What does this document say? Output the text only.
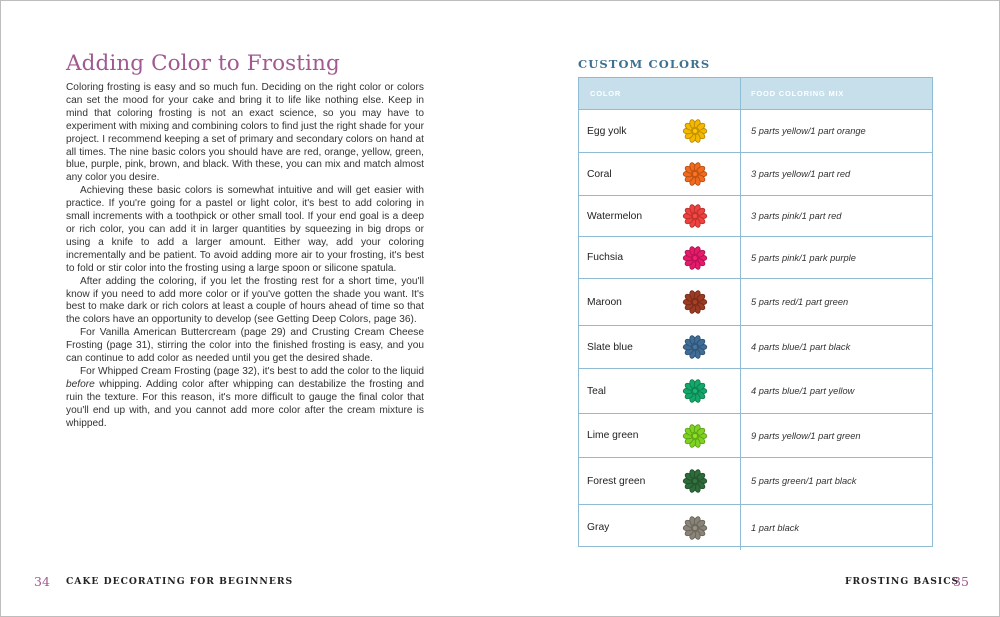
Adding Color to Frosting

Coloring frosting is easy and so much fun. Deciding on the right color or colors can set the mood for your cake and bring it to life like nothing else. Keep in mind that coloring frosting is not an exact science, so you may have to experiment with mixing and combining colors to find just the right shade for your project. I recommend keeping a set of primary and secondary colors on hand at all times. The nine basic colors you should have are red, orange, yellow, green, blue, purple, pink, brown, and black. With these, you can mix and match almost any color you desire.

Achieving these basic colors is somewhat intuitive and will get easier with practice. If you're going for a pastel or light color, it's best to add coloring in small increments with a toothpick or other small tool. If your end goal is a deep or rich color, you can add it in larger quantities by squeezing in big drops or using a knife to add a larger amount. Either way, add your coloring incrementally and be patient. To avoid adding more air to your frosting, it's best to fold or stir color into the frosting using a large spoon or silicone spatula.

After adding the coloring, if you let the frosting rest for a short time, you'll know if you need to add more color or if you've gotten the shade you want. It's best to make dark or rich colors at least a couple of hours ahead of time so that the colors have an opportunity to develop (see Getting Deep Colors, page 36).

For Vanilla American Buttercream (page 29) and Crusting Cream Cheese Frosting (page 31), stirring the color into the finished frosting is easy, and you can continue to add color as needed until you get the desired shade.

For Whipped Cream Frosting (page 32), it's best to add the color to the liquid before whipping. Adding color after whipping can destabilize the frosting and ruin the texture. For this reason, it's more difficult to gauge the final color that you'll end up with, and you cannot add more color after the cream mixture is whipped.

CUSTOM COLORS
COLOR	FOOD COLORING MIX
Egg yolk	5 parts yellow/1 part orange
Coral	3 parts yellow/1 part red
Watermelon	3 parts pink/1 part red
Fuchsia	5 parts pink/1 park purple
Maroon	5 parts red/1 part green
Slate blue	4 parts blue/1 part black
Teal	4 parts blue/1 part yellow
Lime green	9 parts yellow/1 part green
Forest green	5 parts green/1 part black
Gray	1 part black
34 CAKE DECORATING FOR BEGINNERS	FROSTING BASICS
35
